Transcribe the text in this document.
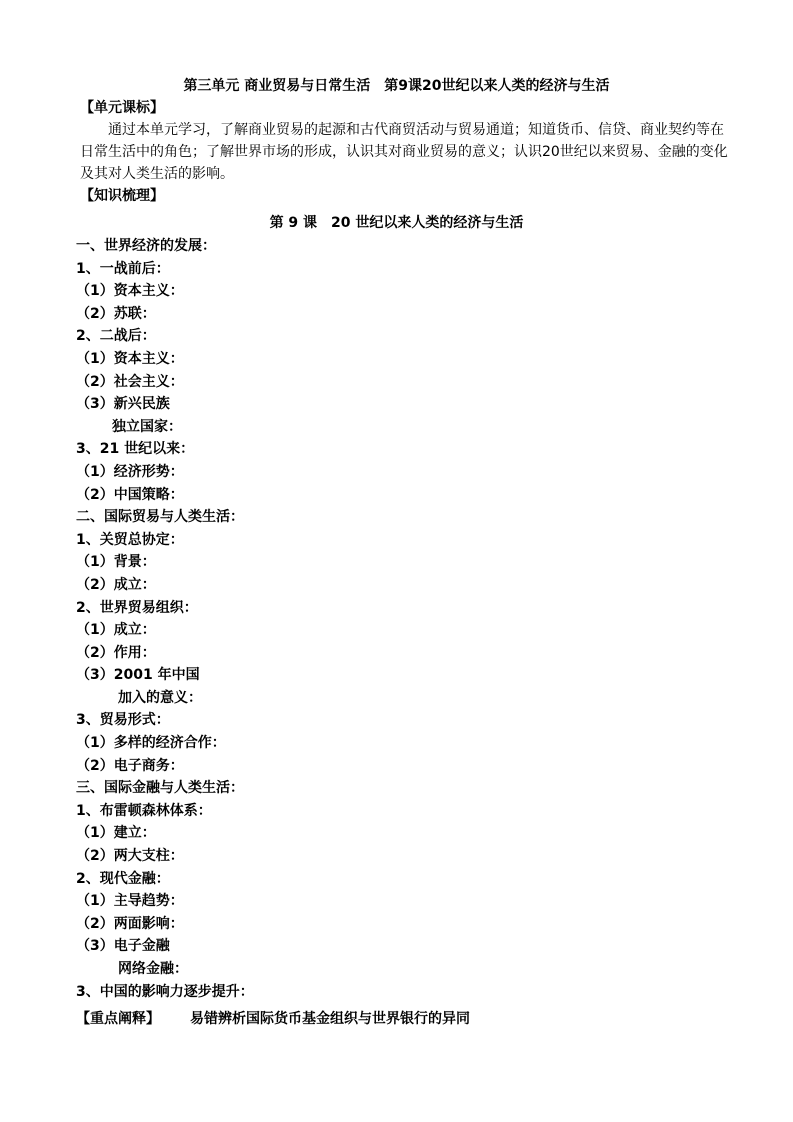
第三单元 商业贸易与日常生活　第9课20世纪以来人类的经济与生活
【单元课标】
通过本单元学习，了解商业贸易的起源和古代商贸活动与贸易通道；知道货币、信贷、商业契约等在日常生活中的角色；了解世界市场的形成，认识其对商业贸易的意义；认识20世纪以来贸易、金融的变化及其对人类生活的影响。
【知识梳理】
第 9 课　20 世纪以来人类的经济与生活
一、世界经济的发展：
1、一战前后：
（1）资本主义：
（2）苏联：
2、二战后：
（1）资本主义：
（2）社会主义：
（3）新兴民族
独立国家：
3、21 世纪以来：
（1）经济形势：
（2）中国策略：
二、国际贸易与人类生活：
1、关贸总协定：
（1）背景：
（2）成立：
2、世界贸易组织：
（1）成立：
（2）作用：
（3）2001 年中国
加入的意义：
3、贸易形式：
（1）多样的经济合作：
（2）电子商务：
三、国际金融与人类生活：
1、布雷顿森林体系：
（1）建立：
（2）两大支柱：
2、现代金融：
（1）主导趋势：
（2）两面影响：
（3）电子金融
网络金融：
3、中国的影响力逐步提升：
【重点阐释】 易错辨析国际货币基金组织与世界银行的异同
